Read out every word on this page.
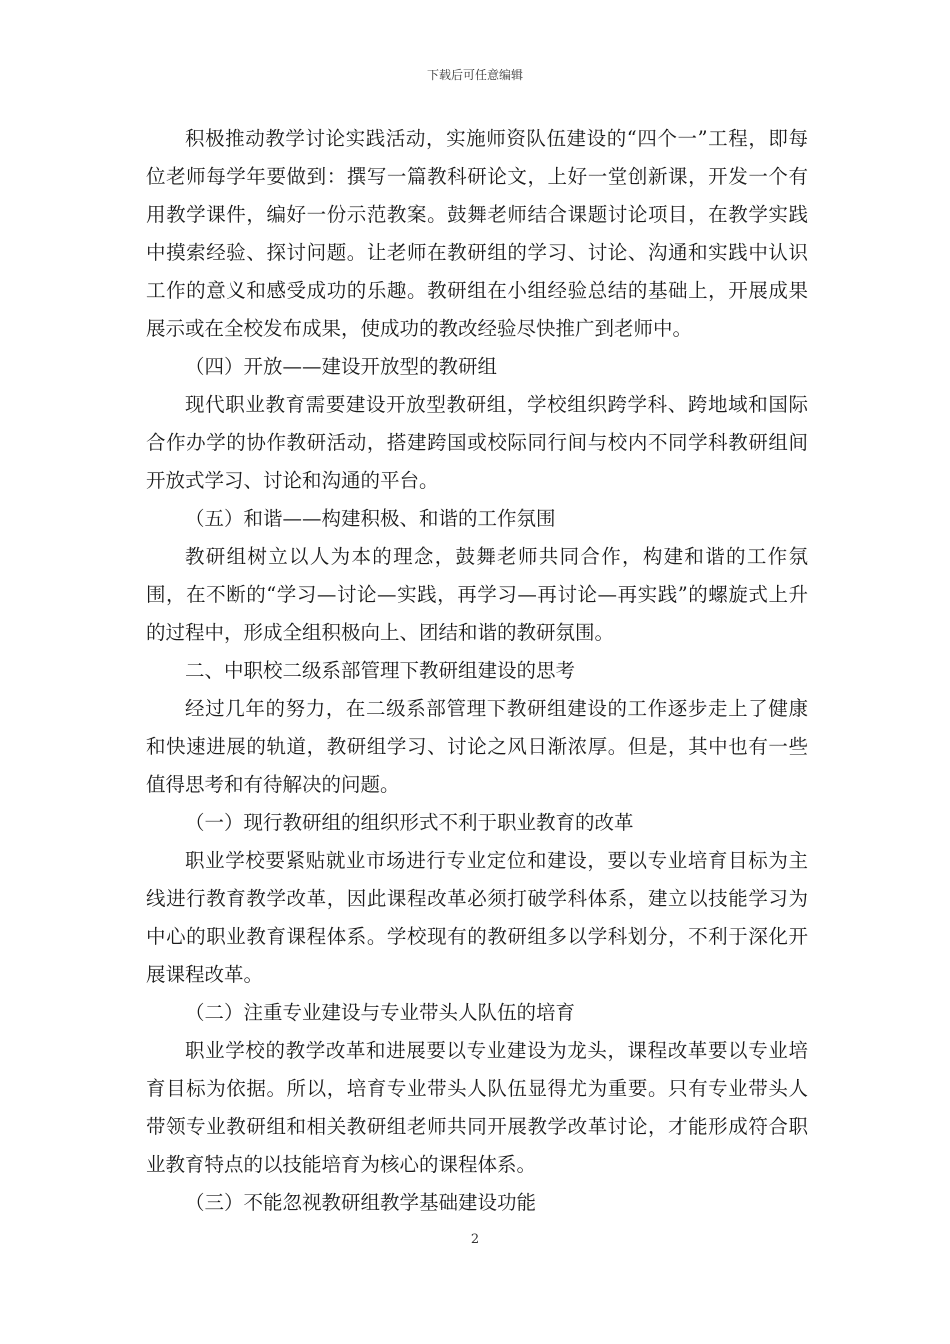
下载后可任意编辑

积极推动教学讨论实践活动，实施师资队伍建设的“四个一”工程，即每位老师每学年要做到：撰写一篇教科研论文，上好一堂创新课，开发一个有用教学课件，编好一份示范教案。鼓舞老师结合课题讨论项目，在教学实践中摸索经验、探讨问题。让老师在教研组的学习、讨论、沟通和实践中认识工作的意义和感受成功的乐趣。教研组在小组经验总结的基础上，开展成果展示或在全校发布成果，使成功的教改经验尽快推广到老师中。

（四）开放——建设开放型的教研组

现代职业教育需要建设开放型教研组，学校组织跨学科、跨地域和国际合作办学的协作教研活动，搭建跨国或校际同行间与校内不同学科教研组间开放式学习、讨论和沟通的平台。

（五）和谐——构建积极、和谐的工作氛围

教研组树立以人为本的理念，鼓舞老师共同合作，构建和谐的工作氛围，在不断的“学习—讨论—实践，再学习—再讨论—再实践”的螺旋式上升的过程中，形成全组积极向上、团结和谐的教研氛围。

二、中职校二级系部管理下教研组建设的思考

经过几年的努力，在二级系部管理下教研组建设的工作逐步走上了健康和快速进展的轨道，教研组学习、讨论之风日渐浓厚。但是，其中也有一些值得思考和有待解决的问题。

（一）现行教研组的组织形式不利于职业教育的改革

职业学校要紧贴就业市场进行专业定位和建设，要以专业培育目标为主线进行教育教学改革，因此课程改革必须打破学科体系，建立以技能学习为中心的职业教育课程体系。学校现有的教研组多以学科划分，不利于深化开展课程改革。

（二）注重专业建设与专业带头人队伍的培育

职业学校的教学改革和进展要以专业建设为龙头，课程改革要以专业培育目标为依据。所以，培育专业带头人队伍显得尤为重要。只有专业带头人带领专业教研组和相关教研组老师共同开展教学改革讨论，才能形成符合职业教育特点的以技能培育为核心的课程体系。

（三）不能忽视教研组教学基础建设功能

2
